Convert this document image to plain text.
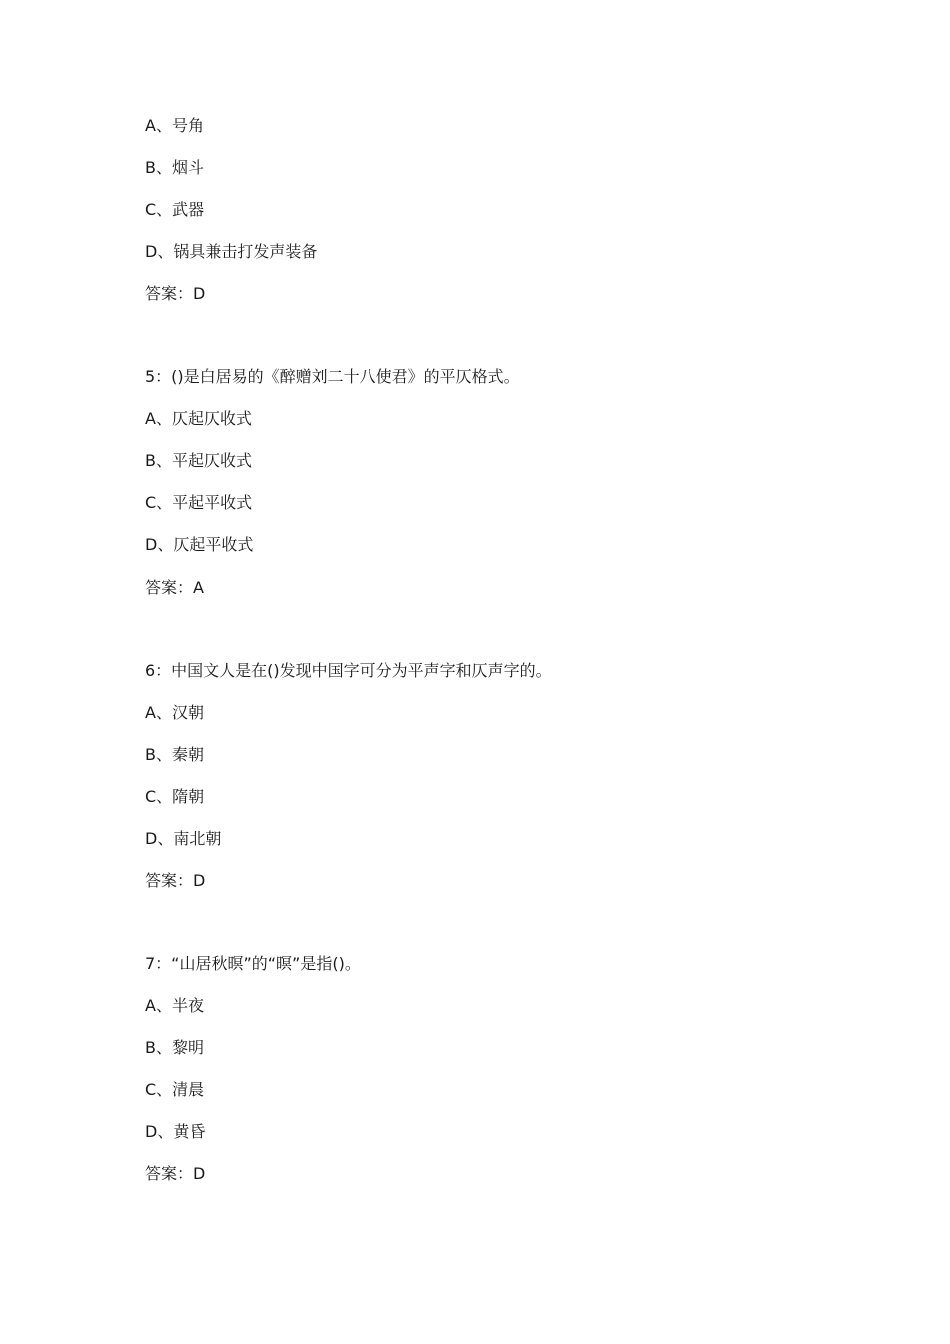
A、号角
B、烟斗
C、武器
D、锅具兼击打发声装备
答案：D
5：()是白居易的《醉赠刘二十八使君》的平仄格式。
A、仄起仄收式
B、平起仄收式
C、平起平收式
D、仄起平收式
答案：A
6：中国文人是在()发现中国字可分为平声字和仄声字的。
A、汉朝
B、秦朝
C、隋朝
D、南北朝
答案：D
7：“山居秋暝”的“暝”是指()。
A、半夜
B、黎明
C、清晨
D、黄昏
答案：D
